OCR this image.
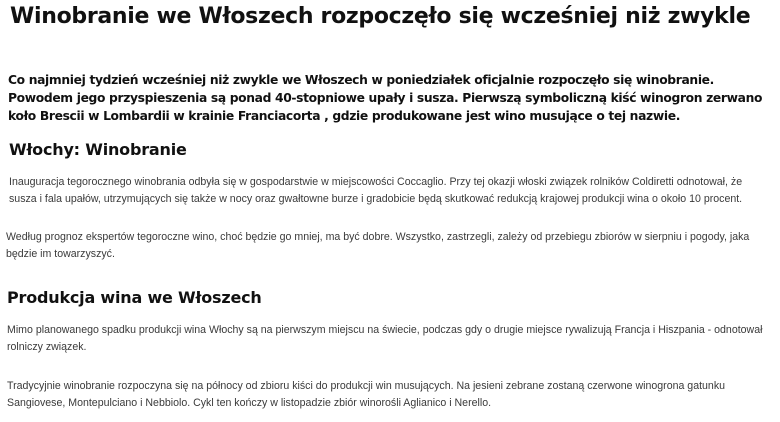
Winobranie we Włoszech rozpoczęło się wcześniej niż zwykle

Co najmniej tydzień wcześniej niż zwykle we Włoszech w poniedziałek oficjalnie rozpoczęło się winobranie. Powodem jego przyspieszenia są ponad 40-stopniowe upały i susza. Pierwszą symboliczną kiść winogron zerwano koło Brescii w Lombardii w krainie Franciacorta , gdzie produkowane jest wino musujące o tej nazwie.

Włochy: Winobranie

Inauguracja tegorocznego winobrania odbyła się w gospodarstwie w miejscowości Coccaglio. Przy tej okazji włoski związek rolników Coldiretti odnotował, że susza i fala upałów, utrzymujących się także w nocy oraz gwałtowne burze i gradobicie będą skutkować redukcją krajowej produkcji wina o około 10 procent.

Według prognoz ekspertów tegoroczne wino, choć będzie go mniej, ma być dobre. Wszystko, zastrzegli, zależy od przebiegu zbiorów w sierpniu i pogody, jaka będzie im towarzyszyć.

Produkcja wina we Włoszech

Mimo planowanego spadku produkcji wina Włochy są na pierwszym miejscu na świecie, podczas gdy o drugie miejsce rywalizują Francja i Hiszpania - odnotował rolniczy związek.

Tradycyjnie winobranie rozpoczyna się na północy od zbioru kiści do produkcji win musujących. Na jesieni zebrane zostaną czerwone winogrona gatunku Sangiovese, Montepulciano i Nebbiolo. Cykl ten kończy w listopadzie zbiór winorośli Aglianico i Nerello.
